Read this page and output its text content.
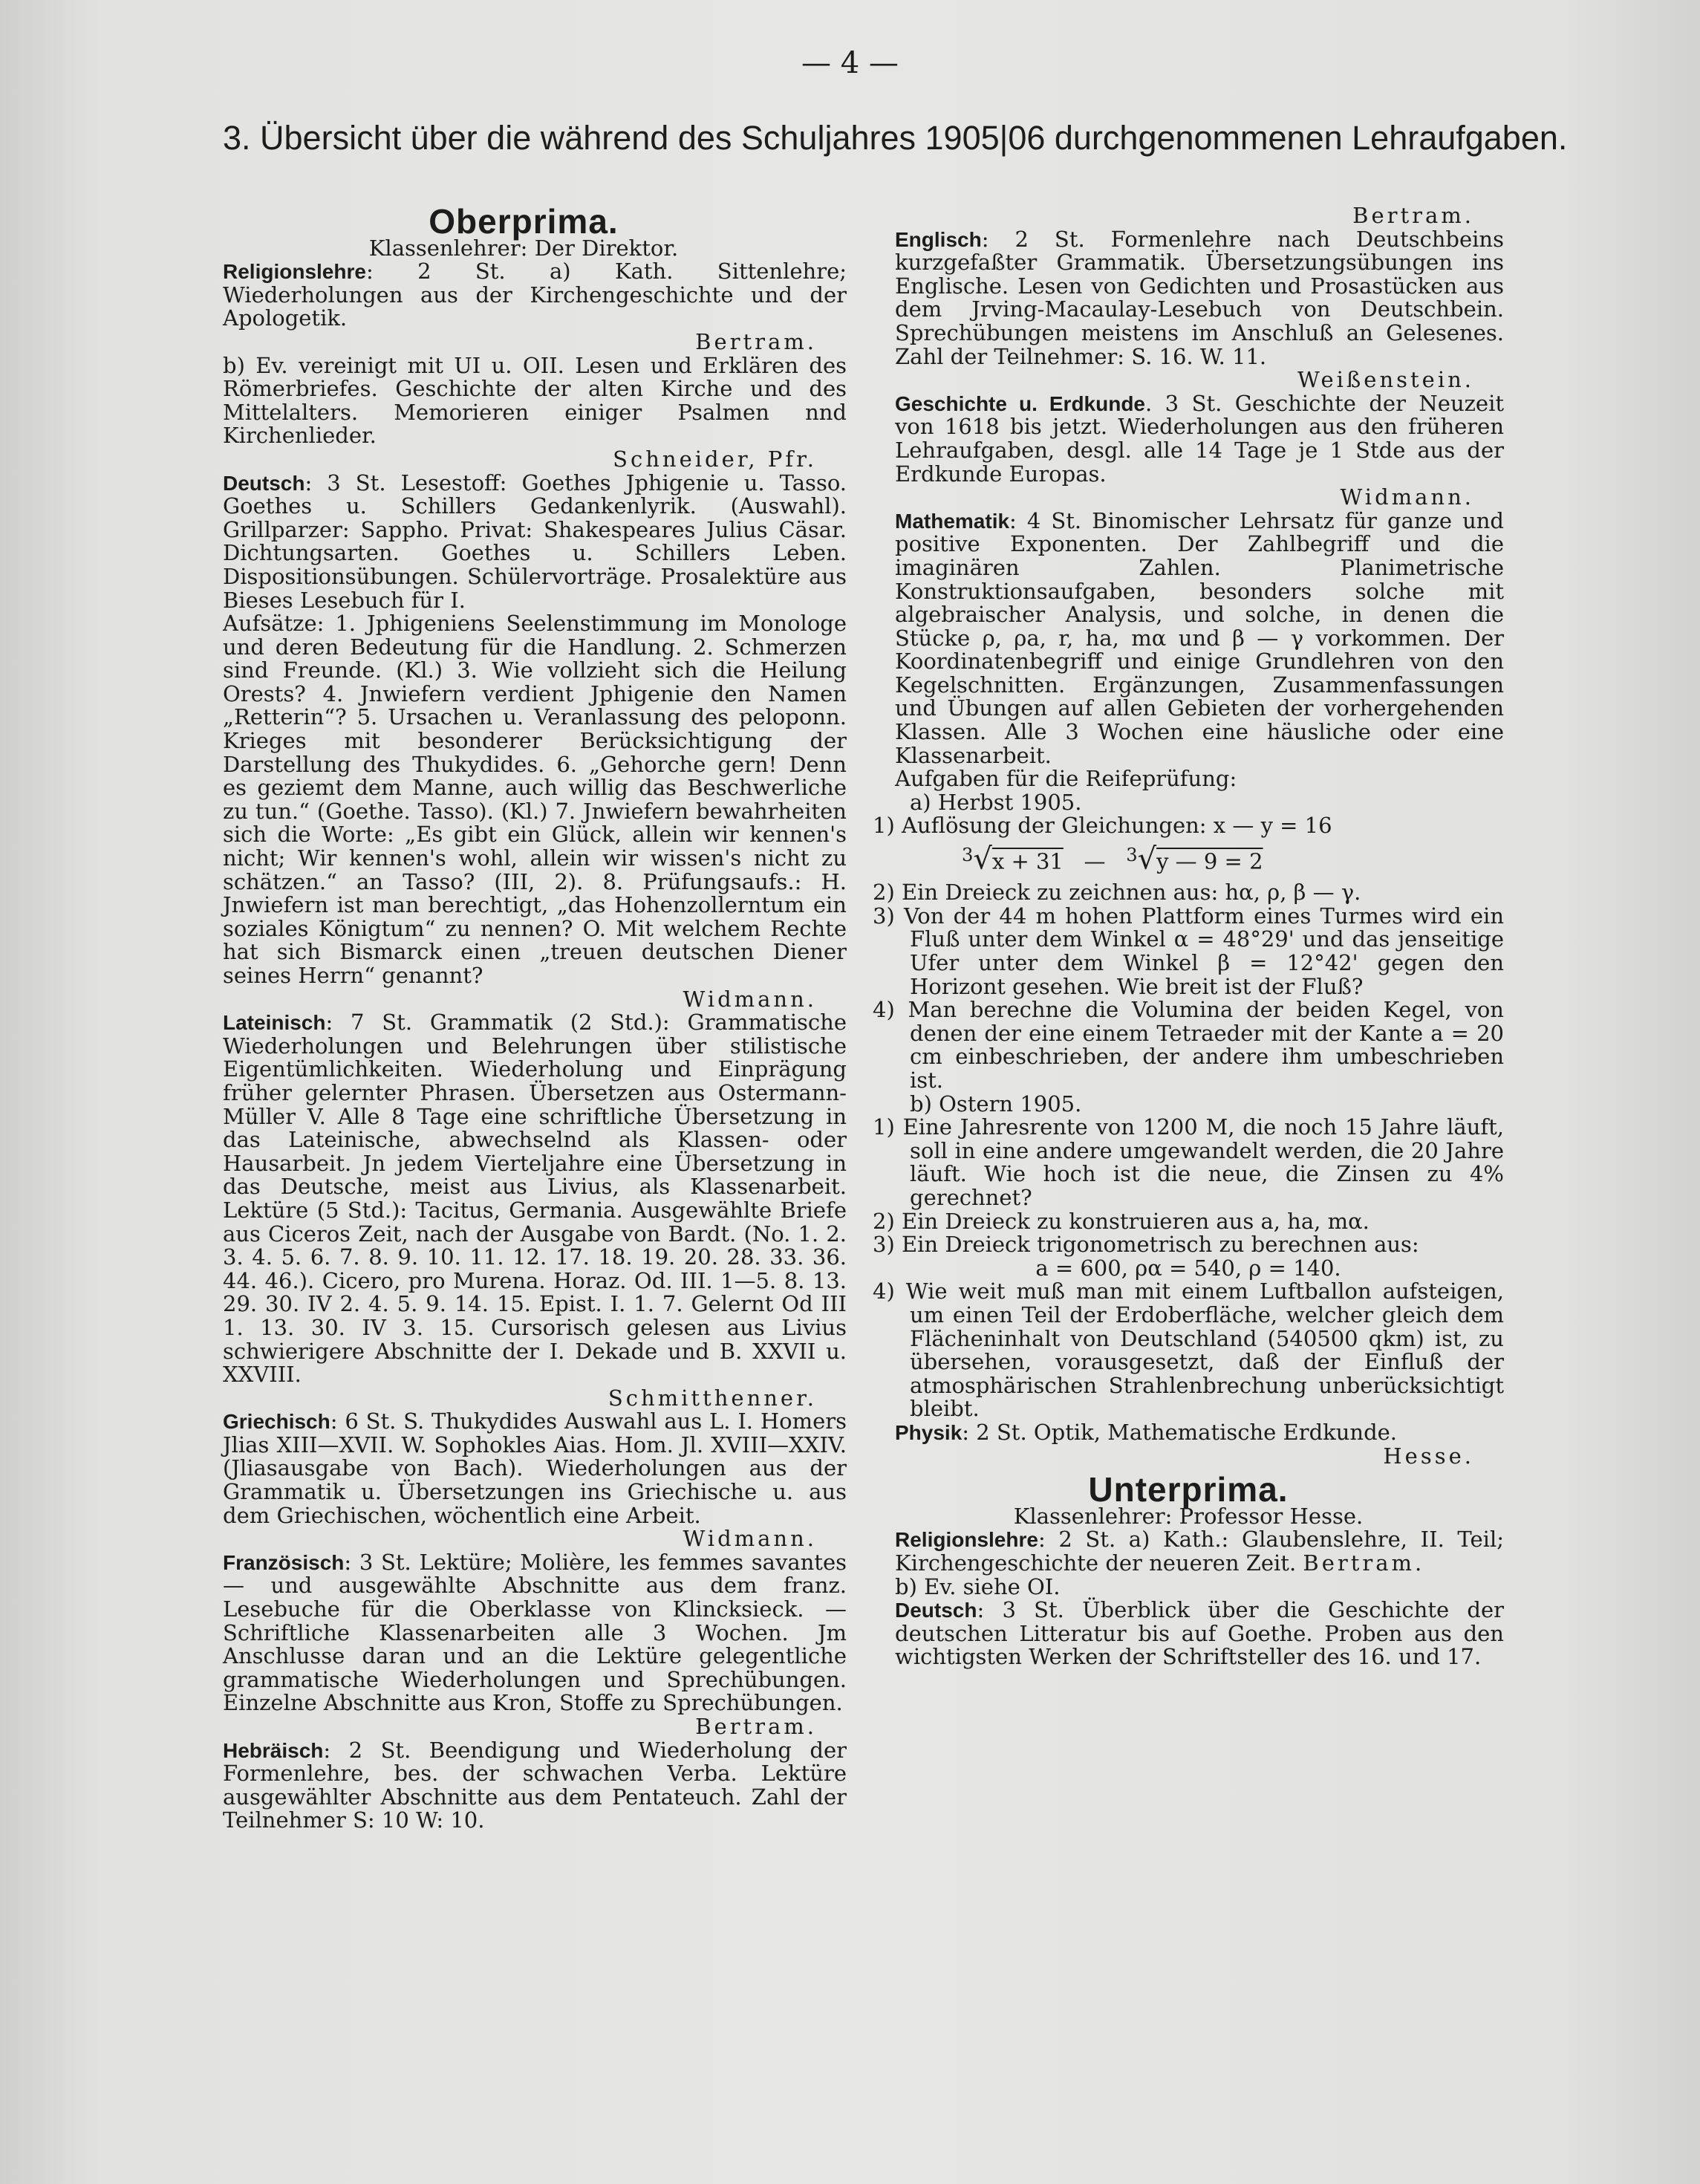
— 4 —
3. Übersicht über die während des Schuljahres 1905|06 durchgenommenen Lehraufgaben.
Oberprima.

Klassenlehrer: Der Direktor.

Religionslehre: 2 St. a) Kath. Sittenlehre; Wiederholungen aus der Kirchengeschichte und der Apologetik.
Bertram.

b) Ev. vereinigt mit UI u. OII. Lesen und Erklären des Römerbriefes. Geschichte der alten Kirche und des Mittelalters. Memorieren einiger Psalmen nnd Kirchenlieder.
Schneider, Pfr.

Deutsch: 3 St. Lesestoff: Goethes Jphigenie u. Tasso. Goethes u. Schillers Gedankenlyrik. (Auswahl). Grillparzer: Sappho. Privat: Shakespeares Julius Cäsar. Dichtungsarten. Goethes u. Schillers Leben. Dispositionsübungen. Schülervorträge. Prosalektüre aus Bieses Lesebuch für I.

Aufsätze: 1. Jphigeniens Seelenstimmung im Monologe und deren Bedeutung für die Handlung. 2. Schmerzen sind Freunde. (Kl.) 3. Wie vollzieht sich die Heilung Orests? 4. Jnwiefern verdient Jphigenie den Namen „Retterin“? 5. Ursachen u. Veranlassung des peloponn. Krieges mit besonderer Berücksichtigung der Darstellung des Thukydides. 6. „Gehorche gern! Denn es geziemt dem Manne, auch willig das Beschwerliche zu tun.“ (Goethe. Tasso). (Kl.) 7. Jnwiefern bewahrheiten sich die Worte: „Es gibt ein Glück, allein wir kennen's nicht; Wir kennen's wohl, allein wir wissen's nicht zu schätzen.“ an Tasso? (III, 2). 8. Prüfungsaufs.: H. Jnwiefern ist man berechtigt, „das Hohenzollerntum ein soziales Königtum“ zu nennen? O. Mit welchem Rechte hat sich Bismarck einen „treuen deutschen Diener seines Herrn“ genannt?
Widmann.

Lateinisch: 7 St. Grammatik (2 Std.): Grammatische Wiederholungen und Belehrungen über stilistische Eigentümlichkeiten. Wiederholung und Einprägung früher gelernter Phrasen. Übersetzen aus Ostermann-Müller V. Alle 8 Tage eine schriftliche Übersetzung in das Lateinische, abwechselnd als Klassen- oder Hausarbeit. Jn jedem Vierteljahre eine Übersetzung in das Deutsche, meist aus Livius, als Klassenarbeit. Lektüre (5 Std.): Tacitus, Germania. Ausgewählte Briefe aus Ciceros Zeit, nach der Ausgabe von Bardt. (No. 1. 2. 3. 4. 5. 6. 7. 8. 9. 10. 11. 12. 17. 18. 19. 20. 28. 33. 36. 44. 46.). Cicero, pro Murena. Horaz. Od. III. 1—5. 8. 13. 29. 30. IV 2. 4. 5. 9. 14. 15. Epist. I. 1. 7. Gelernt Od III 1. 13. 30. IV 3. 15. Cursorisch gelesen aus Livius schwierigere Abschnitte der I. Dekade und B. XXVII u. XXVIII.
Schmitthenner.

Griechisch: 6 St. S. Thukydides Auswahl aus L. I. Homers Jlias XIII—XVII. W. Sophokles Aias. Hom. Jl. XVIII—XXIV. (Jliasausgabe von Bach). Wiederholungen aus der Grammatik u. Übersetzungen ins Griechische u. aus dem Griechischen, wöchentlich eine Arbeit.
Widmann.

Französisch: 3 St. Lektüre; Molière, les femmes savantes — und ausgewählte Abschnitte aus dem franz. Lesebuche für die Oberklasse von Klincksieck. — Schriftliche Klassenarbeiten alle 3 Wochen. Jm Anschlusse daran und an die Lektüre gelegentliche grammatische Wiederholungen und Sprechübungen. Einzelne Abschnitte aus Kron, Stoffe zu Sprechübungen.
Bertram.

Hebräisch: 2 St. Beendigung und Wiederholung der Formenlehre, bes. der schwachen Verba. Lektüre ausgewählter Abschnitte aus dem Pentateuch. Zahl der Teilnehmer S: 10 W: 10.

Bertram.

Englisch: 2 St. Formenlehre nach Deutschbeins kurzgefaßter Grammatik. Übersetzungsübungen ins Englische. Lesen von Gedichten und Prosastücken aus dem Jrving-Macaulay-Lesebuch von Deutschbein. Sprechübungen meistens im Anschluß an Gelesenes. Zahl der Teilnehmer: S. 16. W. 11.
Weißenstein.

Geschichte u. Erdkunde. 3 St. Geschichte der Neuzeit von 1618 bis jetzt. Wiederholungen aus den früheren Lehraufgaben, desgl. alle 14 Tage je 1 Stde aus der Erdkunde Europas.
Widmann.

Mathematik: 4 St. Binomischer Lehrsatz für ganze und positive Exponenten. Der Zahlbegriff und die imaginären Zahlen. Planimetrische Konstruktionsaufgaben, besonders solche mit algebraischer Analysis, und solche, in denen die Stücke ρ, ρa, r, ha, mα und β — γ vorkommen. Der Koordinatenbegriff und einige Grundlehren von den Kegelschnitten. Ergänzungen, Zusammenfassungen und Übungen auf allen Gebieten der vorhergehenden Klassen. Alle 3 Wochen eine häusliche oder eine Klassenarbeit.

Aufgaben für die Reifeprüfung:

a) Herbst 1905.

1) Auflösung der Gleichungen: x — y = 16

$^3$√x + 31   —   $^3$√y — 9 = 2

2) Ein Dreieck zu zeichnen aus: hα, ρ, β — γ.

3) Von der 44 m hohen Plattform eines Turmes wird ein Fluß unter dem Winkel α = 48°29' und das jenseitige Ufer unter dem Winkel β = 12°42' gegen den Horizont gesehen. Wie breit ist der Fluß?

4) Man berechne die Volumina der beiden Kegel, von denen der eine einem Tetraeder mit der Kante a = 20 cm einbeschrieben, der andere ihm umbeschrieben ist.

b) Ostern 1905.

1) Eine Jahresrente von 1200 M, die noch 15 Jahre läuft, soll in eine andere umgewandelt werden, die 20 Jahre läuft. Wie hoch ist die neue, die Zinsen zu 4% gerechnet?

2) Ein Dreieck zu konstruieren aus a, ha, mα.

3) Ein Dreieck trigonometrisch zu berechnen aus:

a = 600, ρα = 540, ρ = 140.

4) Wie weit muß man mit einem Luftballon aufsteigen, um einen Teil der Erdoberfläche, welcher gleich dem Flächeninhalt von Deutschland (540500 qkm) ist, zu übersehen, vorausgesetzt, daß der Einfluß der atmosphärischen Strahlenbrechung unberücksichtigt bleibt.

Physik: 2 St. Optik, Mathematische Erdkunde.
Hesse.

Unterprima.

Klassenlehrer: Professor Hesse.

Religionslehre: 2 St. a) Kath.: Glaubenslehre, II. Teil; Kirchengeschichte der neueren Zeit. Bertram.

b) Ev. siehe OI.

Deutsch: 3 St. Überblick über die Geschichte der deutschen Litteratur bis auf Goethe. Proben aus den wichtigsten Werken der Schriftsteller des 16. und 17.
